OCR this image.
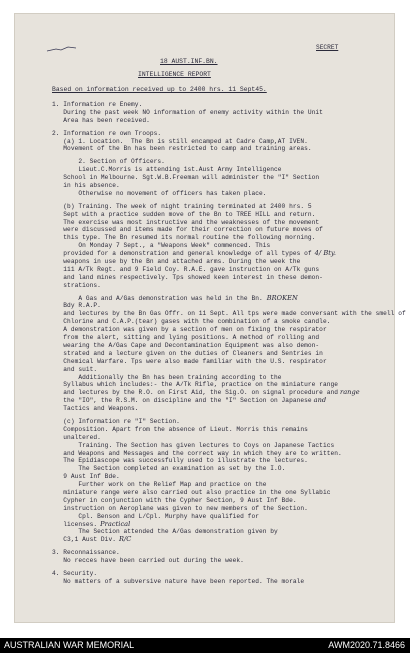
SECRET
18 AUST.INF.BN.
INTELLIGENCE REPORT
Based on information received up to 2400 hrs. 11 Sept45.
1. Information re Enemy.
During the past week NO information of enemy activity within the Unit
Area has been received.
2. Information re own Troops.
(a) 1. Location.  The Bn is still encamped at Cadre Camp,AT IVEN.
Movement of the Bn has been restricted to camp and training areas.
2. Section of Officers.
Lieut.C.Morris is attending 1st.Aust Army Intelligence
School in Melbourne. Sgt.W.B.Freeman will administer the "I" Section
in his absence.
Otherwise no movement of officers has taken place.
(b) Training. The week of night training terminated at 2400 hrs. 5
Sept with a practice sudden move of the Bn to TREE HILL and return.
The exercise was most instructive and the weaknesses of the movement
were discussed and items made for their correction on future moves of
this type. The Bn resumed its normal routine the following morning.
On Monday 7 Sept., a "Weapons Week" commenced. This
provided for a demonstration and general knowledge of all types of 4/ Bty.
weapons in use by the Bn and attached arms. During the week the
111 A/Tk Regt. and 9 Field Coy. R.A.E. gave instruction on A/Tk guns
and land mines respectively. Tps showed keen interest in these demon-
strations.
A Gas and A/Gas demonstration was held in the Bn. BROKEN
Bdy R.A.P.
and lectures by the Bn Gas Offr. on 11 Sept. All tps were made conversant with the smell of
Chlorine and C.A.P.(tear) gases with the combination of a smoke candle.
A demonstration was given by a section of men on fixing the respirator
from the alert, sitting and lying positions. A method of rolling and
wearing the A/Gas Cape and Decontamination Equipment was also demon-
strated and a lecture given on the duties of Cleaners and Sentries in
Chemical Warfare. Tps were also made familiar with the U.S. respirator
and suit.
Additionally the Bn has been training according to the
Syllabus which includes:- the A/Tk Rifle, practice on the miniature range
and lectures by the R.O. on First Aid, the Sig.O. on signal procedure and range
the "IO", the R.S.M. on discipline and the "I" Section on Japanese and
Tactics and Weapons.
(c) Information re "I" Section.
Composition. Apart from the absence of Lieut. Morris this remains
unaltered.
Training. The Section has given lectures to Coys on Japanese Tactics
and Weapons and Messages and the correct way in which they are to written.
The Epidiascope was successfully used to illustrate the lectures.
The Section completed an examination as set by the I.O.
9 Aust Inf Bde.
Further work on the Relief Map and practice on the
miniature range were also carried out also practice in the one Syllabic
Cypher in conjunction with the Cypher Section, 9 Aust Inf Bde.
instruction on Aeroplane was given to new members of the Section.
Cpl. Benson and L/Cpl. Murphy have qualified for
licenses. Practical
The Section attended the A/Gas demonstration given by
C3,1 Aust Div. R/C
3. Reconnaissance.
No recces have been carried out during the week.
4. Security.
No matters of a subversive nature have been reported. The morale
AUSTRALIAN WAR MEMORIAL	AWM2020.71.8466
